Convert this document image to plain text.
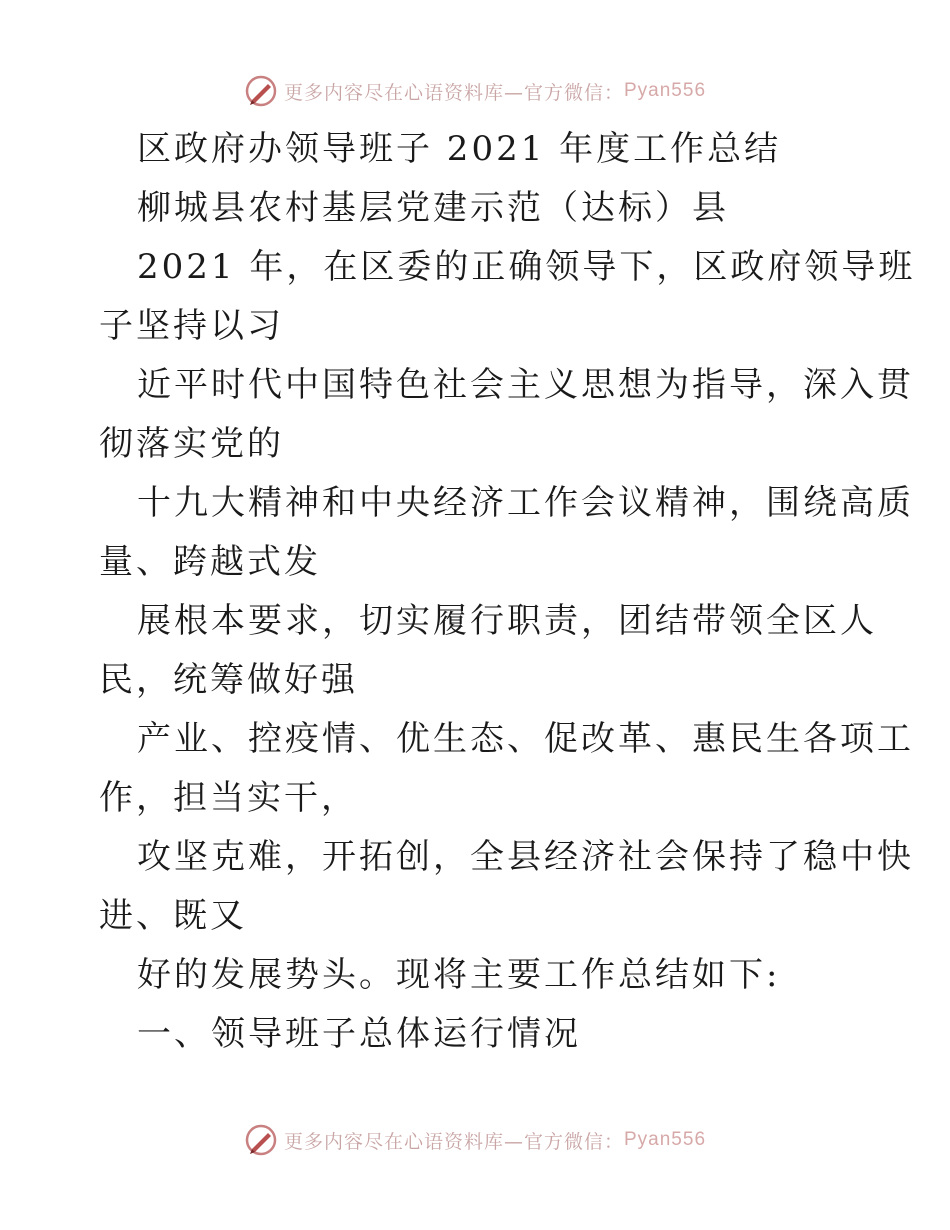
更多内容尽在心语资料库—官方微信： Pyan556
区政府办领导班子 2021 年度工作总结
柳城县农村基层党建示范（达标）县
2021 年，在区委的正确领导下，区政府领导班
子坚持以习
近平时代中国特色社会主义思想为指导，深入贯
彻落实党的
十九大精神和中央经济工作会议精神，围绕高质
量、跨越式发
展根本要求，切实履行职责，团结带领全区人
民，统筹做好强
产业、控疫情、优生态、促改革、惠民生各项工
作，担当实干，
攻坚克难，开拓创，全县经济社会保持了稳中快
进、既又
好的发展势头。现将主要工作总结如下:
一、领导班子总体运行情况
更多内容尽在心语资料库—官方微信： Pyan556
